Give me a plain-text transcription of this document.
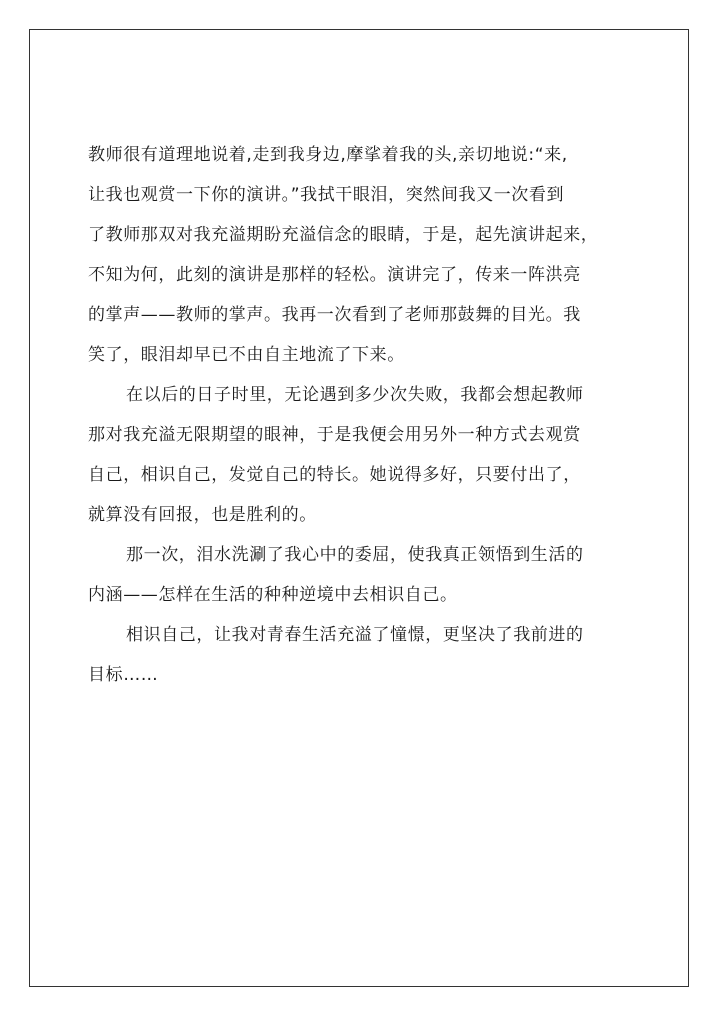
教师很有道理地说着,走到我身边,摩挲着我的头,亲切地说:“来,
让我也观赏一下你的演讲。”我拭干眼泪，突然间我又一次看到
了教师那双对我充溢期盼充溢信念的眼睛，于是，起先演讲起来，
不知为何，此刻的演讲是那样的轻松。演讲完了，传来一阵洪亮
的掌声——教师的掌声。我再一次看到了老师那鼓舞的目光。我
笑了，眼泪却早已不由自主地流了下来。
在以后的日子时里，无论遇到多少次失败，我都会想起教师
那对我充溢无限期望的眼神，于是我便会用另外一种方式去观赏
自己，相识自己，发觉自己的特长。她说得多好，只要付出了，
就算没有回报，也是胜利的。
那一次，泪水洗涮了我心中的委屈，使我真正领悟到生活的
内涵——怎样在生活的种种逆境中去相识自己。
相识自己，让我对青春生活充溢了憧憬，更坚决了我前进的
目标……
